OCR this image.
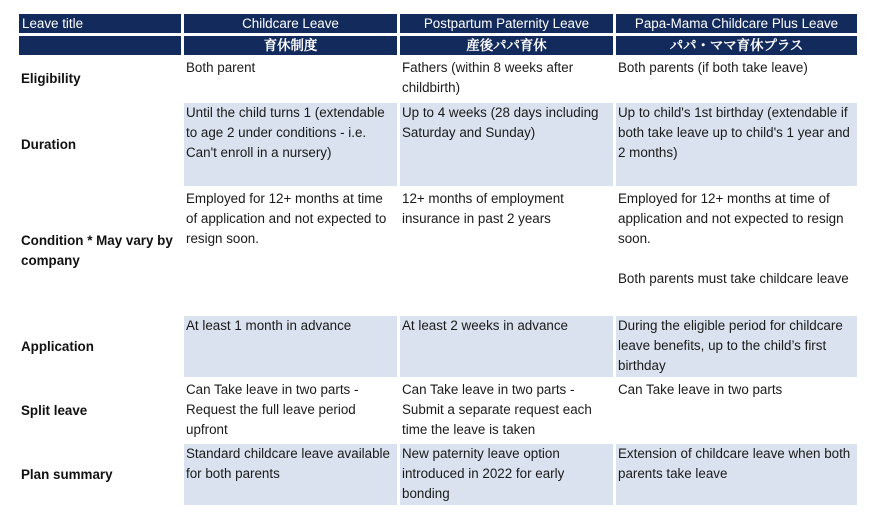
Leave title	Childcare Leave	Postpartum Paternity Leave	Papa-Mama Childcare Plus Leave
	育休制度	産後パパ育休	パパ・ママ育休プラス
Eligibility	Both parent	Fathers (within 8 weeks after childbirth)	Both parents (if both take leave)

Duration	Until the child turns 1 (extendable to age 2 under conditions - i.e. Can't enroll in a nursery)	Up to 4 weeks (28 days including Saturday and Sunday)	Up to child's 1st birthday (extendable if both take leave up to child's 1 year and 2 months)

Condition * May vary by company	Employed for 12+ months at time of application and not expected to resign soon.	12+ months of employment insurance in past 2 years	Employed for 12+ months at time of application and not expected to resign soon.
Both parents must take childcare leave

Application	At least 1 month in advance	At least 2 weeks in advance	During the eligible period for childcare leave benefits, up to the child’s first birthday

Split leave	Can Take leave in two parts - Request the full leave period upfront	Can Take leave in two parts - Submit a separate request each time the leave is taken	Can Take leave in two parts

Plan summary	Standard childcare leave available for both parents	New paternity leave option introduced in 2022 for early bonding	Extension of childcare leave when both parents take leave
